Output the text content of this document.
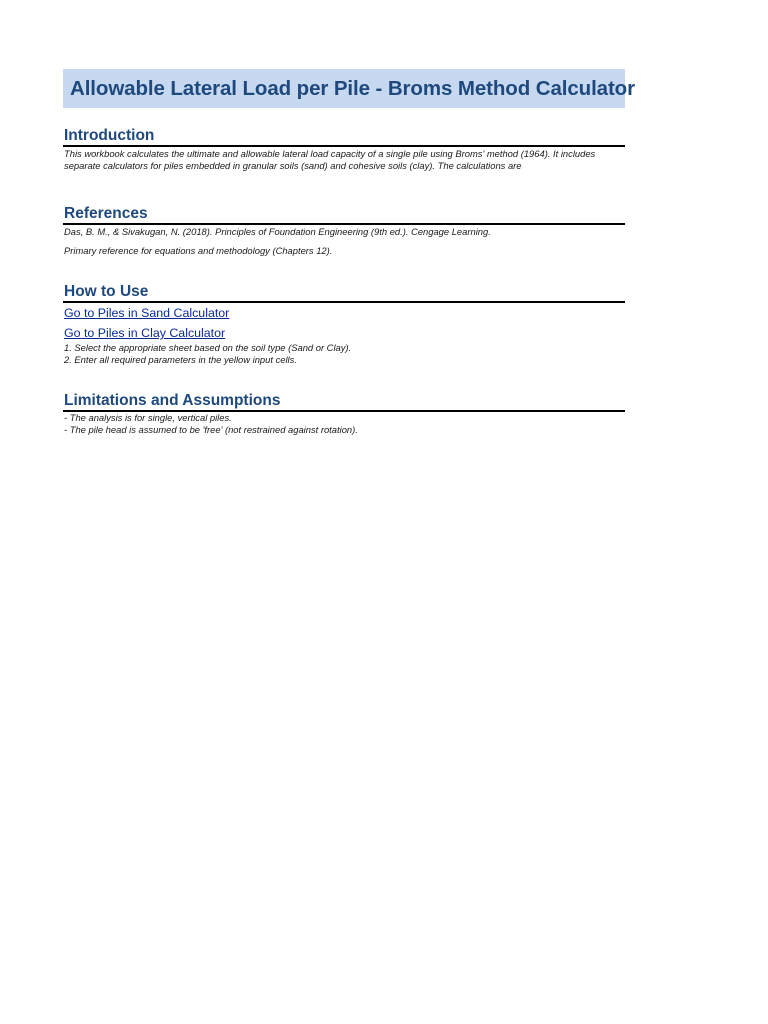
Allowable Lateral Load per Pile - Broms Method Calculator
Introduction
This workbook calculates the ultimate and allowable lateral load capacity of a single pile using Broms' method (1964). It includes separate calculators for piles embedded in granular soils (sand) and cohesive soils (clay). The calculations are
References
Das, B. M., & Sivakugan, N. (2018). Principles of Foundation Engineering (9th ed.). Cengage Learning.
Primary reference for equations and methodology (Chapters 12).
How to Use
Go to Piles in Sand Calculator
Go to Piles in Clay Calculator
1. Select the appropriate sheet based on the soil type (Sand or Clay).
2. Enter all required parameters in the yellow input cells.
Limitations and Assumptions
- The analysis is for single, vertical piles.
- The pile head is assumed to be 'free' (not restrained against rotation).
